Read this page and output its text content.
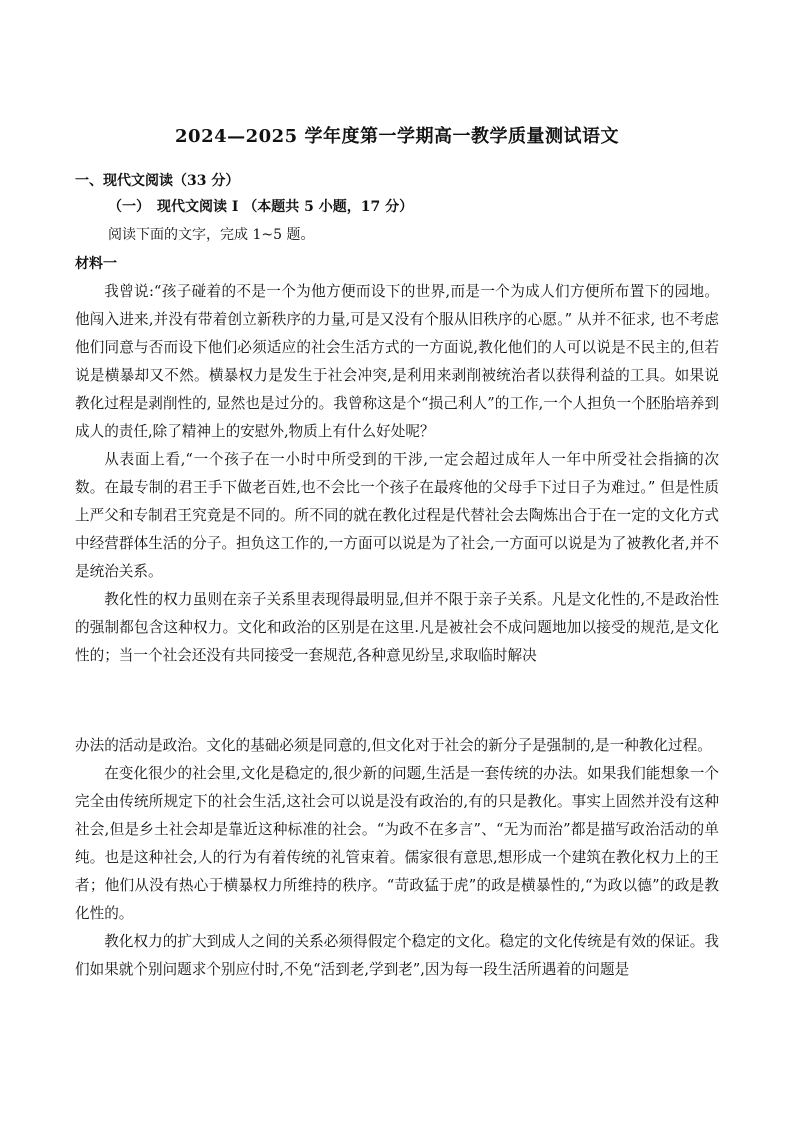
2024—2025 学年度第一学期高一教学质量测试语文
一、现代文阅读（33 分）
（一）　现代文阅读 I （本题共 5 小题，17 分）
阅读下面的文字，完成 1~5 题。
材料一

我曾说:“孩子碰着的不是一个为他方便而设下的世界,而是一个为成人们方便所布置下的园地。他闯入进来,并没有带着创立新秩序的力量,可是又没有个服从旧秩序的心愿。” 从并不征求, 也不考虑他们同意与否而设下他们必须适应的社会生活方式的一方面说,教化他们的人可以说是不民主的,但若说是横暴却又不然。横暴权力是发生于社会冲突,是利用来剥削被统治者以获得利益的工具。如果说教化过程是剥削性的, 显然也是过分的。我曾称这是个“损己利人”的工作,一个人担负一个胚胎培养到成人的责任,除了精神上的安慰外,物质上有什么好处呢？

从表面上看,“一个孩子在一小时中所受到的干涉,一定会超过成年人一年中所受社会指摘的次数。在最专制的君王手下做老百姓,也不会比一个孩子在最疼他的父母手下过日子为难过。” 但是性质上严父和专制君王究竟是不同的。所不同的就在教化过程是代替社会去陶炼出合于在一定的文化方式中经营群体生活的分子。担负这工作的,一方面可以说是为了社会,一方面可以说是为了被教化者,并不是统治关系。

教化性的权力虽则在亲子关系里表现得最明显,但并不限于亲子关系。凡是文化性的,不是政治性的强制都包含这种权力。文化和政治的区别是在这里.凡是被社会不成问题地加以接受的规范,是文化性的；当一个社会还没有共同接受一套规范,各种意见纷呈,求取临时解决

办法的活动是政治。文化的基础必须是同意的,但文化对于社会的新分子是强制的,是一种教化过程。

在变化很少的社会里,文化是稳定的,很少新的问题,生活是一套传统的办法。如果我们能想象一个完全由传统所规定下的社会生活,这社会可以说是没有政治的,有的只是教化。事实上固然并没有这种社会,但是乡土社会却是靠近这种标准的社会。“为政不在多言”、“无为而治”都是描写政治活动的单纯。也是这种社会,人的行为有着传统的礼管束着。儒家很有意思,想形成一个建筑在教化权力上的王者；他们从没有热心于横暴权力所维持的秩序。“苛政猛于虎”的政是横暴性的,“为政以德”的政是教化性的。

教化权力的扩大到成人之间的关系必须得假定个稳定的文化。稳定的文化传统是有效的保证。我们如果就个别问题求个别应付时,不免“活到老,学到老”,因为每一段生活所遇着的问题是
